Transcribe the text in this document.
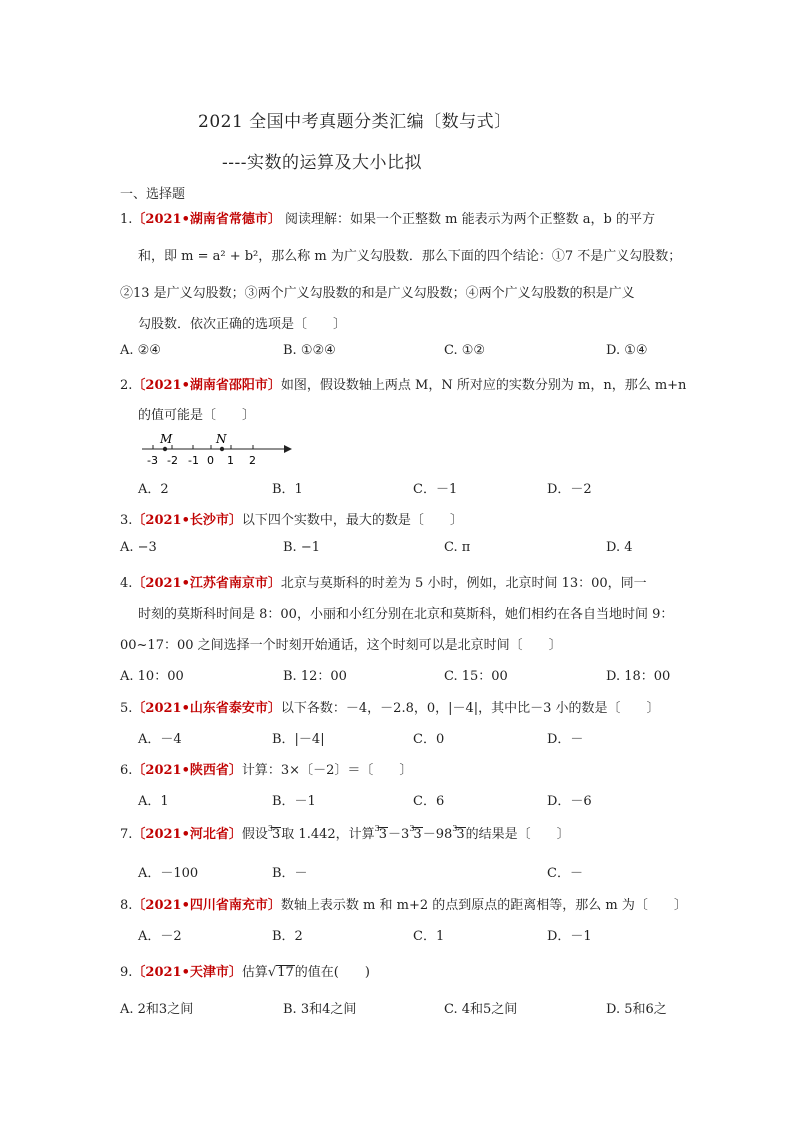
2021 全国中考真题分类汇编〔数与式〕
----实数的运算及大小比拟
一、选择题
1.〔2021•湖南省常德市〕 阅读理解：如果一个正整数 m 能表示为两个正整数 a，b 的平方
和，即 m = a² + b²，那么称 m 为广义勾股数．那么下面的四个结论：①7 不是广义勾股数；
②13 是广义勾股数；③两个广义勾股数的和是广义勾股数；④两个广义勾股数的积是广义
勾股数．依次正确的选项是〔　　〕
A. ②④	B. ①②④	C. ①②	D. ①④
2.〔2021•湖南省邵阳市〕如图，假设数轴上两点 M，N 所对应的实数分别为 m，n，那么 m+n
的值可能是〔　　〕
M	N
-3 -2 -1 0 1 2
A．2	B．1	C．－1	D．－2
3.〔2021•长沙市〕以下四个实数中，最大的数是〔　　〕
A. −3	B. −1	C. π	D. 4
4.〔2021•江苏省南京市〕北京与莫斯科的时差为 5 小时，例如，北京时间 13：00，同一
时刻的莫斯科时间是 8：00，小丽和小红分别在北京和莫斯科，她们相约在各自当地时间 9：
00~17：00 之间选择一个时刻开始通话，这个时刻可以是北京时间〔　　〕
A. 10：00	B. 12：00	C. 15：00	D. 18：00
5.〔2021•山东省泰安市〕以下各数：－4，－2.8，0，|－4|，其中比－3 小的数是〔　　〕
A．－4	B．|－4|	C．0	D．－
6.〔2021•陕西省〕计算：3×〔－2〕＝〔　　〕
A．1	B．－1	C．6	D．－6
7.〔2021•河北省〕假设$^3$3取 1.442，计算$^33-3^33-98^33$的结果是〔　　〕
A．－100	B．－	C．－
8.〔2021•四川省南充市〕数轴上表示数 m 和 m+2 的点到原点的距离相等，那么 m 为〔　　〕
A．－2	B．2	C．1	D．－1
9.〔2021•天津市〕估算√17的值在(　　)
A. 2和3之间	B. 3和4之间	C. 4和5之间	D. 5和6之
